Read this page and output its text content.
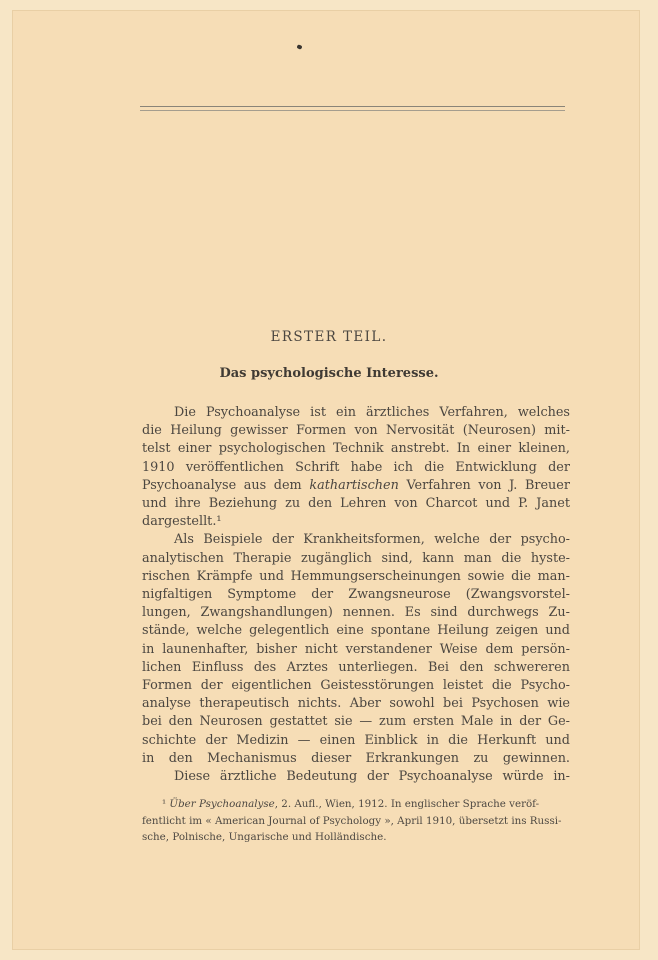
ERSTER TEIL.
Das psychologische Interesse.
Die Psychoanalyse ist ein ärztliches Verfahren, welches
die Heilung gewisser Formen von Nervosität (Neurosen) mit-
telst einer psychologischen Technik anstrebt. In einer kleinen,
1910 veröffentlichen Schrift habe ich die Entwicklung der
Psychoanalyse aus dem kathartischen Verfahren von J. Breuer
und ihre Beziehung zu den Lehren von Charcot und P. Janet
dargestellt.¹
Als Beispiele der Krankheitsformen, welche der psycho-
analytischen Therapie zugänglich sind, kann man die hyste-
rischen Krämpfe und Hemmungserscheinungen sowie die man-
nigfaltigen Symptome der Zwangsneurose (Zwangsvorstel-
lungen, Zwangshandlungen) nennen. Es sind durchwegs Zu-
stände, welche gelegentlich eine spontane Heilung zeigen und
in launenhafter, bisher nicht verstandener Weise dem persön-
lichen Einfluss des Arztes unterliegen. Bei den schwereren
Formen der eigentlichen Geistesstörungen leistet die Psycho-
analyse therapeutisch nichts. Aber sowohl bei Psychosen wie
bei den Neurosen gestattet sie — zum ersten Male in der Ge-
schichte der Medizin — einen Einblick in die Herkunft und
in den Mechanismus dieser Erkrankungen zu gewinnen.
Diese ärztliche Bedeutung der Psychoanalyse würde in-
¹ Über Psychoanalyse, 2. Aufl., Wien, 1912. In englischer Sprache veröf-
fentlicht im « American Journal of Psychology », April 1910, übersetzt ins Russi-
sche, Polnische, Ungarische und Holländische.
